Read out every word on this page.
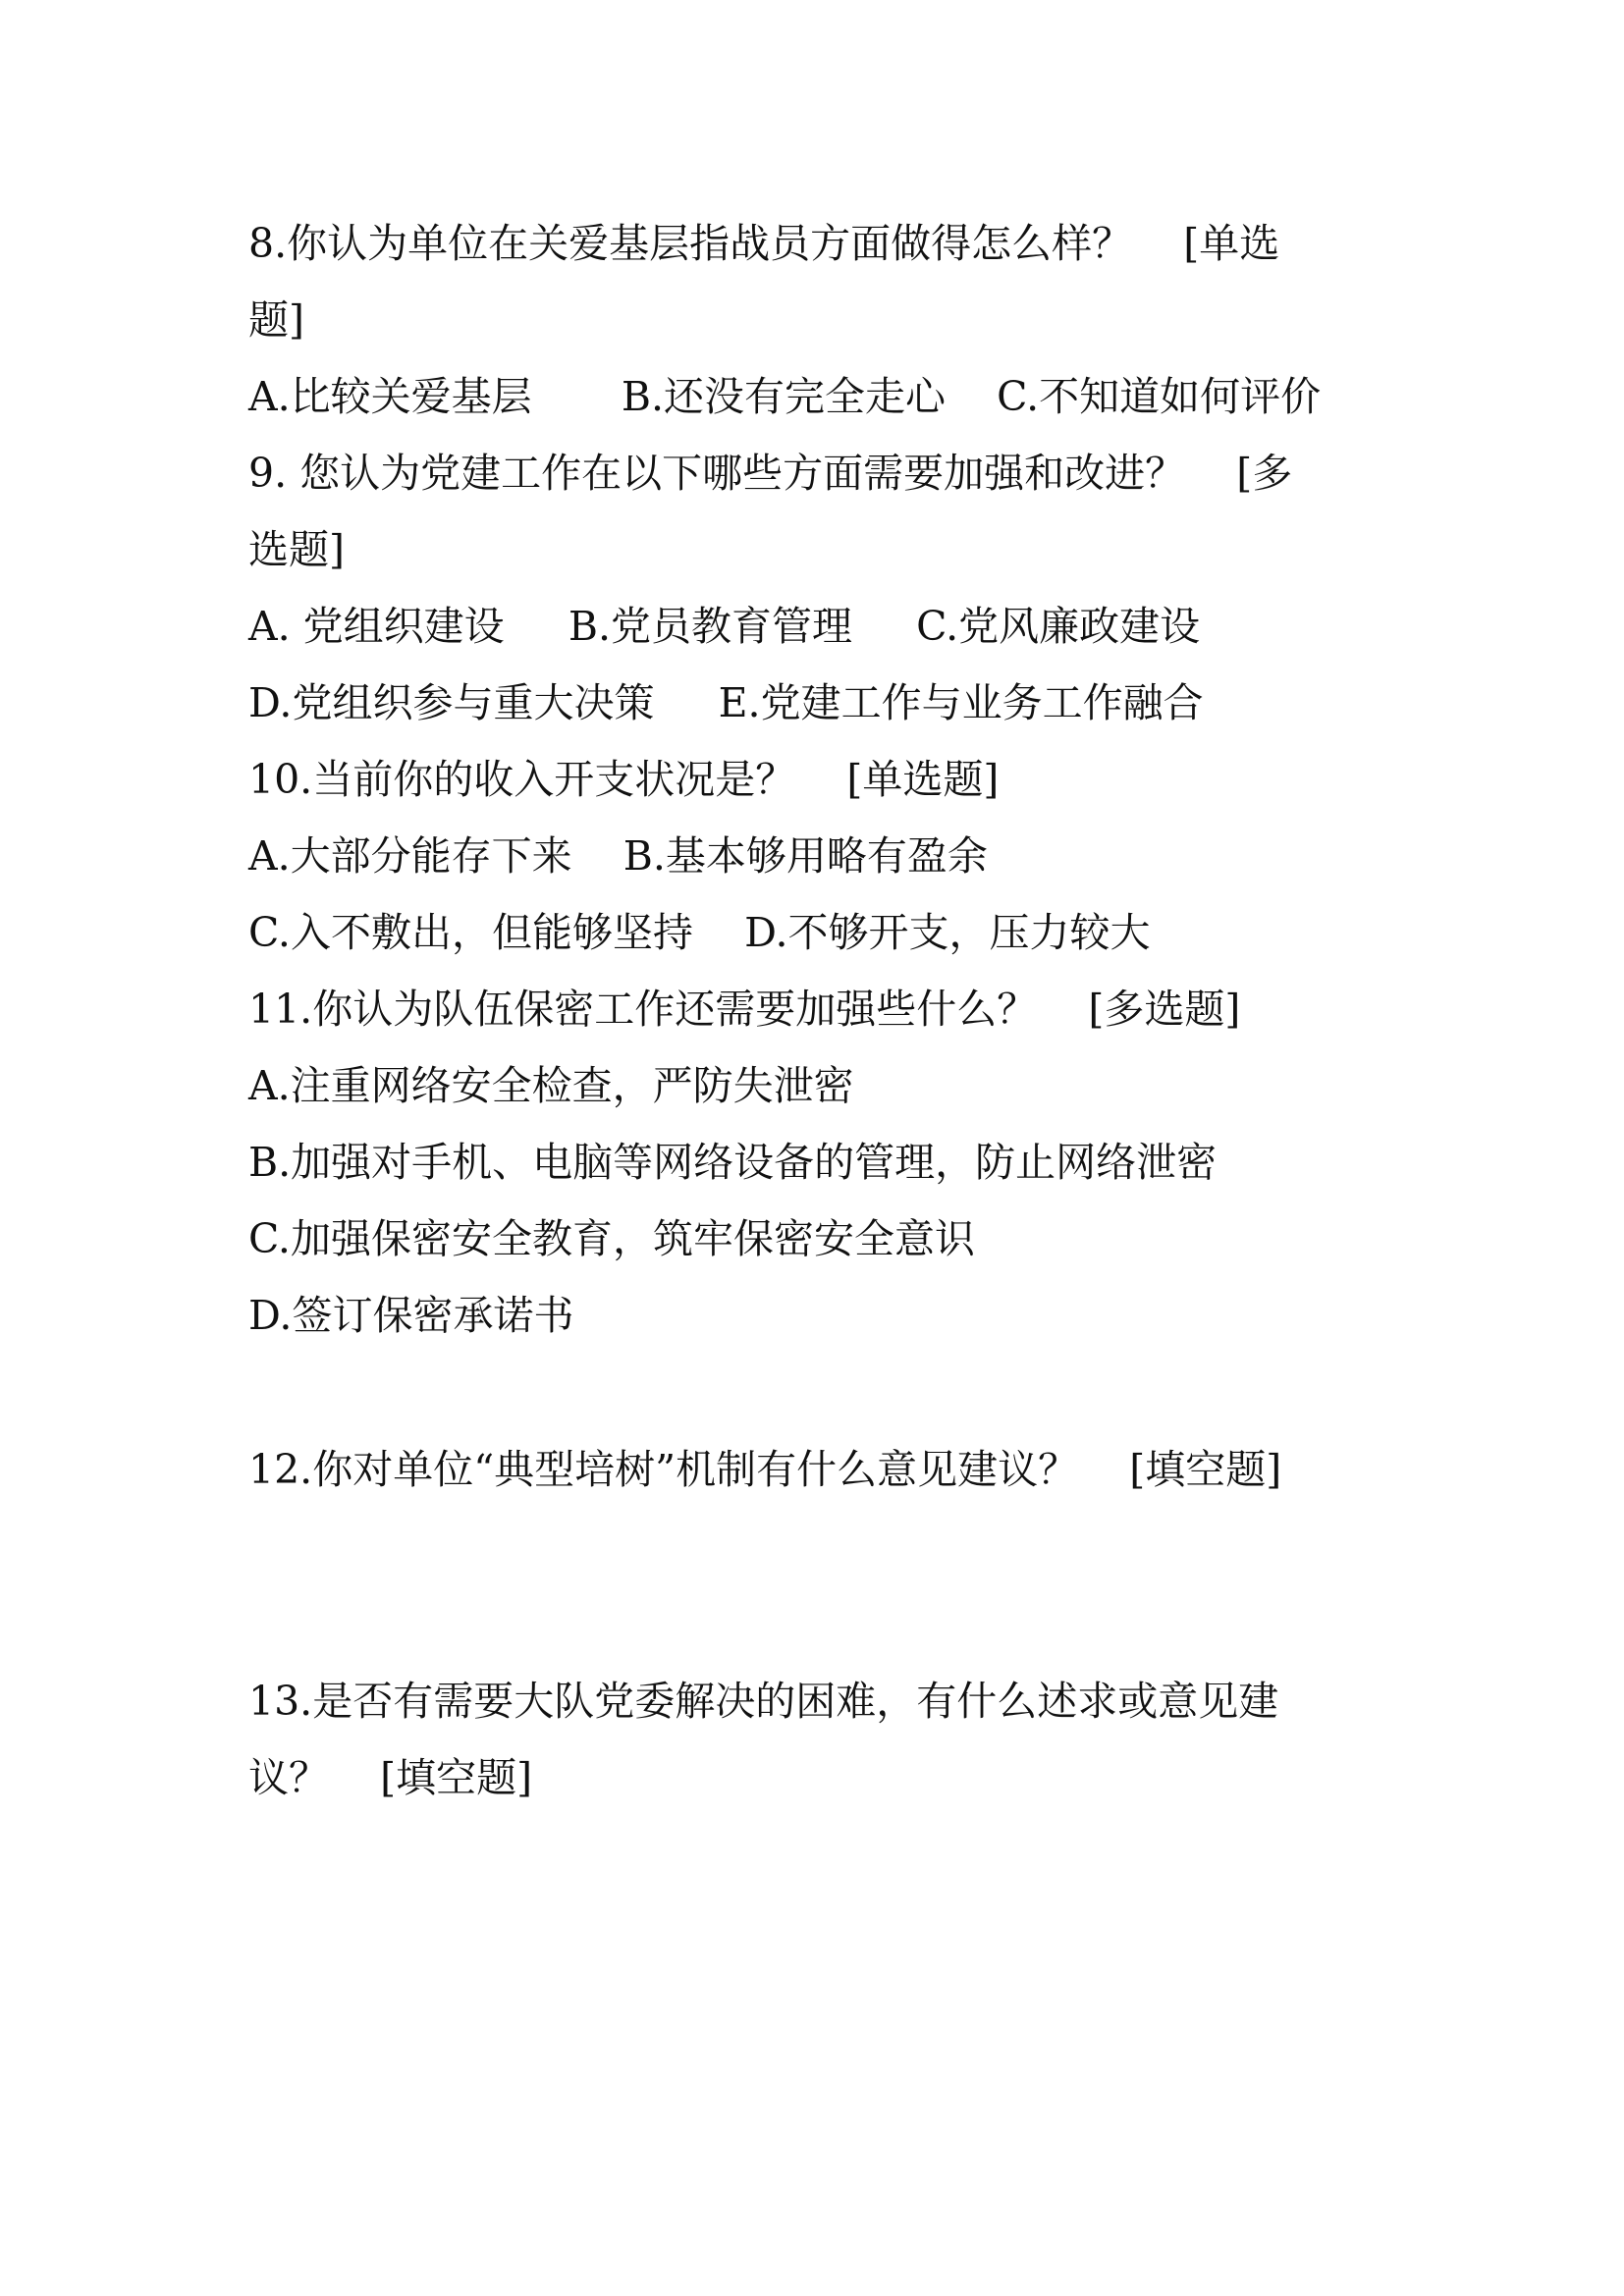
8.你认为单位在关爱基层指战员方面做得怎么样？    [单选
题]
A.比较关爱基层       B.还没有完全走心    C.不知道如何评价
9. 您认为党建工作在以下哪些方面需要加强和改进？    [多
选题]
A. 党组织建设     B.党员教育管理     C.党风廉政建设
D.党组织参与重大决策     E.党建工作与业务工作融合
10.当前你的收入开支状况是？    [单选题]
A.大部分能存下来    B.基本够用略有盈余
C.入不敷出，但能够坚持    D.不够开支，压力较大
11.你认为队伍保密工作还需要加强些什么？    [多选题]
A.注重网络安全检查，严防失泄密
B.加强对手机、电脑等网络设备的管理，防止网络泄密
C.加强保密安全教育，筑牢保密安全意识
D.签订保密承诺书
12.你对单位“典型培树”机制有什么意见建议？    [填空题]
13.是否有需要大队党委解决的困难，有什么述求或意见建
议？    [填空题]
